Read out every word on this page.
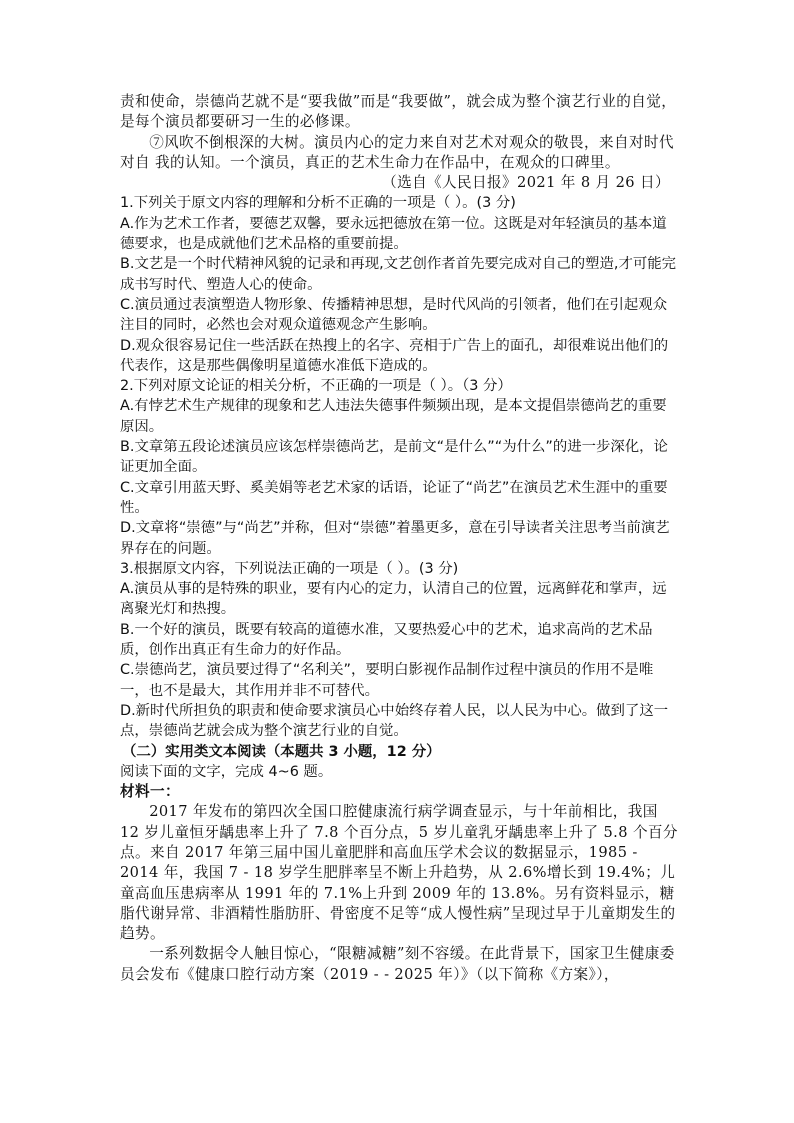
责和使命，崇德尚艺就不是“要我做”而是“我要做”，就会成为整个演艺行业的自觉，是每个演员都要研习一生的必修课。

⑦风吹不倒根深的大树。演员内心的定力来自对艺术对观众的敬畏，来自对时代对自 我的认知。一个演员，真正的艺术生命力在作品中，在观众的口碑里。

（选自《人民日报》2021 年 8 月 26 日）

1.下列关于原文内容的理解和分析不正确的一项是（ ）。(3 分)

A.作为艺术工作者，要德艺双馨，要永远把德放在第一位。这既是对年轻演员的基本道德要求，也是成就他们艺术品格的重要前提。

B.文艺是一个时代精神风貌的记录和再现,文艺创作者首先要完成对自己的塑造,才可能完成书写时代、塑造人心的使命。

C.演员通过表演塑造人物形象、传播精神思想，是时代风尚的引领者，他们在引起观众注目的同时，必然也会对观众道德观念产生影响。

D.观众很容易记住一些活跃在热搜上的名字、亮相于广告上的面孔，却很难说出他们的代表作，这是那些偶像明星道德水准低下造成的。

2.下列对原文论证的相关分析，不正确的一项是（ ）。（3 分）

A.有悖艺术生产规律的现象和艺人违法失德事件频频出现，是本文提倡崇德尚艺的重要原因。

B.文章第五段论述演员应该怎样崇德尚艺，是前文“是什么”“为什么”的进一步深化，论证更加全面。

C.文章引用蓝天野、奚美娟等老艺术家的话语，论证了“尚艺”在演员艺术生涯中的重要性。

D.文章将“崇德”与“尚艺”并称，但对“崇德”着墨更多，意在引导读者关注思考当前演艺界存在的问题。

3.根据原文内容，下列说法正确的一项是（ ）。(3 分)

A.演员从事的是特殊的职业，要有内心的定力，认清自己的位置，远离鲜花和掌声，远离聚光灯和热搜。

B.一个好的演员，既要有较高的道德水准，又要热爱心中的艺术，追求高尚的艺术品质，创作出真正有生命力的好作品。

C.崇德尚艺，演员要过得了“名利关”，要明白影视作品制作过程中演员的作用不是唯一，也不是最大，其作用并非不可替代。

D.新时代所担负的职责和使命要求演员心中始终存着人民，以人民为中心。做到了这一点，崇德尚艺就会成为整个演艺行业的自觉。

（二）实用类文本阅读（本题共 3 小题，12 分）

阅读下面的文字，完成 4~6 题。

材料一：

2017 年发布的第四次全国口腔健康流行病学调查显示，与十年前相比，我国 12 岁儿童恒牙龋患率上升了 7.8 个百分点，5 岁儿童乳牙龋患率上升了 5.8 个百分点。来自 2017 年第三届中国儿童肥胖和高血压学术会议的数据显示，1985 - 2014 年，我国 7 - 18 岁学生肥胖率呈不断上升趋势，从 2.6%增长到 19.4%；儿童高血压患病率从 1991 年的 7.1%上升到 2009 年的 13.8%。另有资料显示，糖脂代谢异常、非酒精性脂肪肝、骨密度不足等“成人慢性病”呈现过早于儿童期发生的趋势。

一系列数据令人触目惊心，“限糖减糖”刻不容缓。在此背景下，国家卫生健康委员会发布《健康口腔行动方案（2019 - - 2025 年）》（以下简称《方案》），
